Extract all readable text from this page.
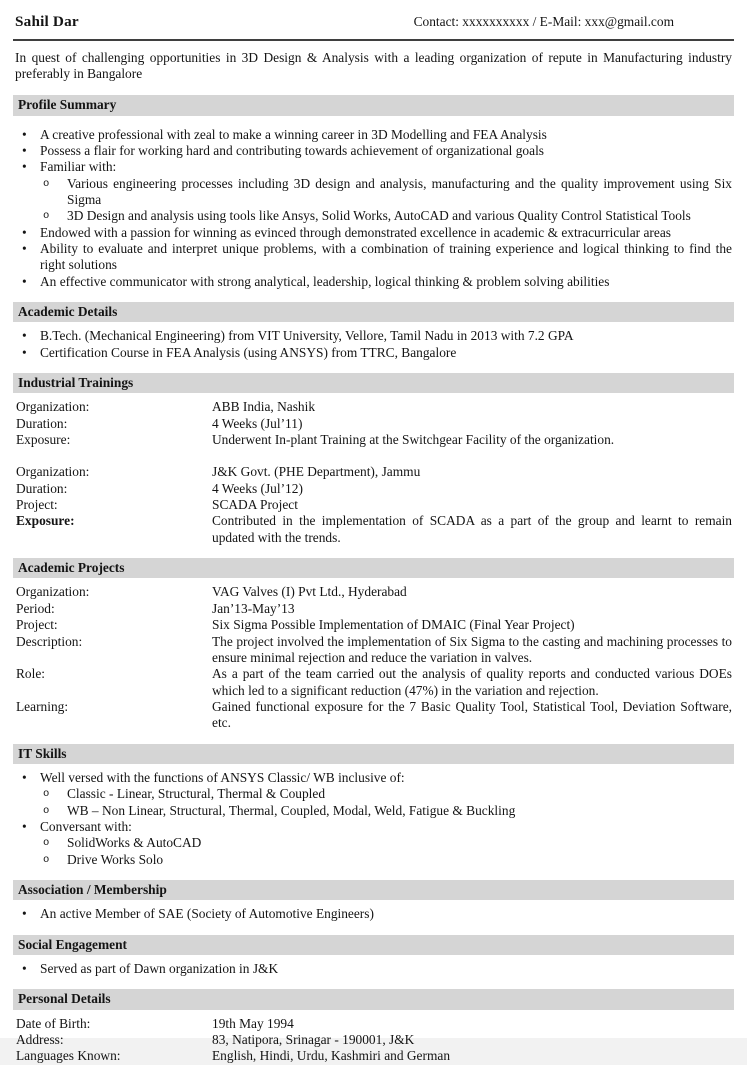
Sahil Dar	Contact: xxxxxxxxxx / E-Mail: xxx@gmail.com

In quest of challenging opportunities in 3D Design & Analysis with a leading organization of repute in Manufacturing industry preferably in Bangalore

Profile Summary
• A creative professional with zeal to make a winning career in 3D Modelling and FEA Analysis
• Possess a flair for working hard and contributing towards achievement of organizational goals
• Familiar with:
o Various engineering processes including 3D design and analysis, manufacturing and the quality improvement using Six Sigma
o 3D Design and analysis using tools like Ansys, Solid Works, AutoCAD and various Quality Control Statistical Tools
• Endowed with a passion for winning as evinced through demonstrated excellence in academic & extracurricular areas
• Ability to evaluate and interpret unique problems, with a combination of training experience and logical thinking to find the right solutions
• An effective communicator with strong analytical, leadership, logical thinking & problem solving abilities
Academic Details
• B.Tech. (Mechanical Engineering) from VIT University, Vellore, Tamil Nadu in 2013 with 7.2 GPA
• Certification Course in FEA Analysis (using ANSYS) from TTRC, Bangalore
Industrial Trainings
Organization:	ABB India, Nashik
Duration:	4 Weeks (Jul’11)
Exposure:	Underwent In-plant Training at the Switchgear Facility of the organization.
Organization:	J&K Govt. (PHE Department), Jammu
Duration:	4 Weeks (Jul’12)
Project:	SCADA Project
Exposure:	Contributed in the implementation of SCADA as a part of the group and learnt to remain updated with the trends.
Academic Projects
Organization:	VAG Valves (I) Pvt Ltd., Hyderabad
Period:	Jan’13-May’13
Project:	Six Sigma Possible Implementation of DMAIC (Final Year Project)
Description:	The project involved the implementation of Six Sigma to the casting and machining processes to ensure minimal rejection and reduce the variation in valves.
Role:	As a part of the team carried out the analysis of quality reports and conducted various DOEs which led to a significant reduction (47%) in the variation and rejection.
Learning:	Gained functional exposure for the 7 Basic Quality Tool, Statistical Tool, Deviation Software, etc.
IT Skills
• Well versed with the functions of ANSYS Classic/ WB inclusive of:
o Classic - Linear, Structural, Thermal & Coupled
o WB – Non Linear, Structural, Thermal, Coupled, Modal, Weld, Fatigue & Buckling
• Conversant with:
o SolidWorks & AutoCAD
o Drive Works Solo
Association / Membership
• An active Member of SAE (Society of Automotive Engineers)
Social Engagement
• Served as part of Dawn organization in J&K
Personal Details
Date of Birth:	19th May 1994
Address:	83, Natipora, Srinagar - 190001, J&K
Languages Known:	English, Hindi, Urdu, Kashmiri and German
